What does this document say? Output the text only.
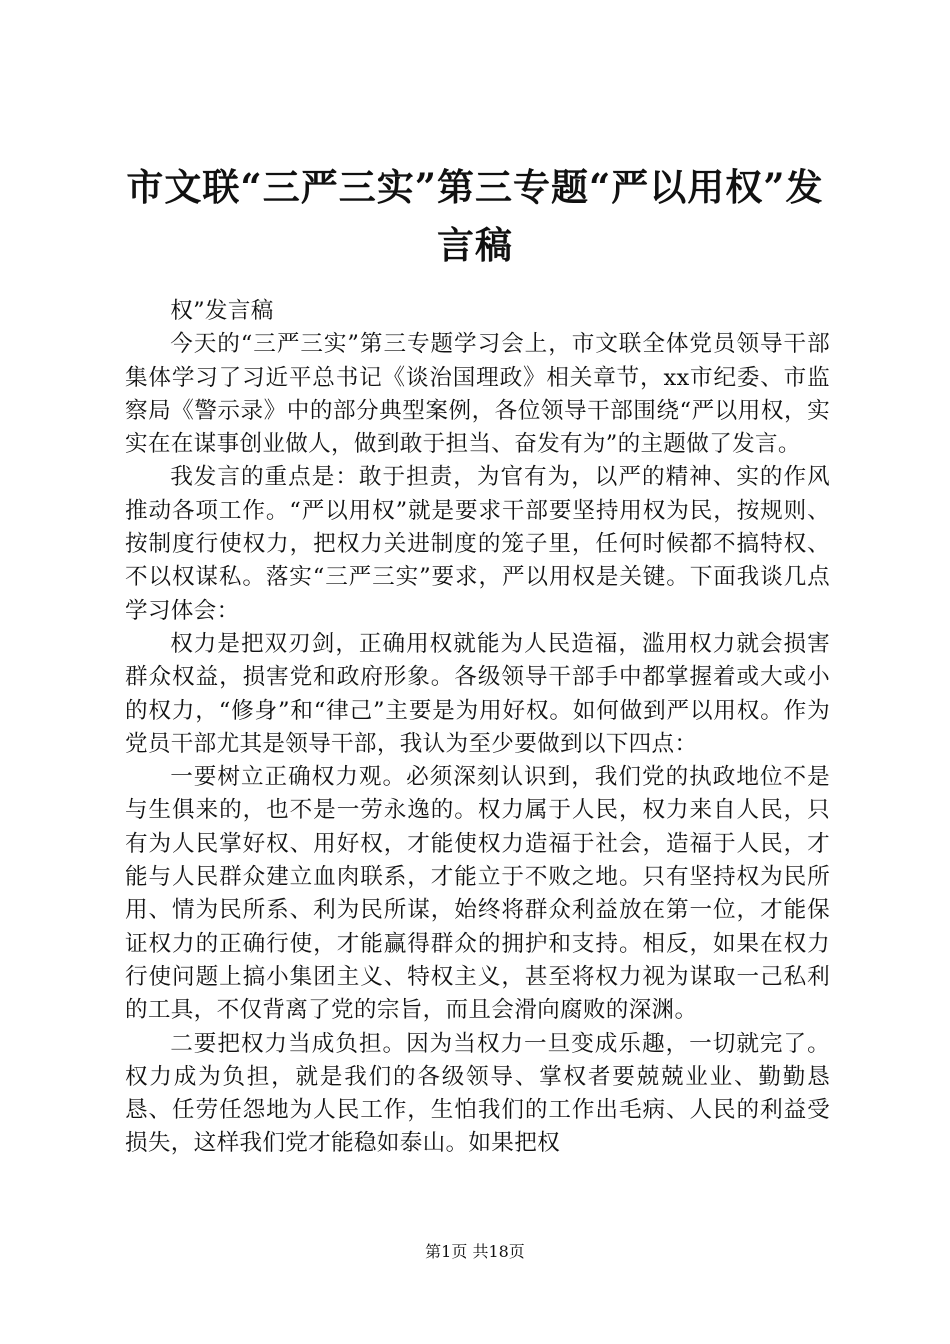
市文联“三严三实”第三专题“严以用权”发言稿

权”发言稿

今天的“三严三实”第三专题学习会上，市文联全体党员领导干部集体学习了习近平总书记《谈治国理政》相关章节，xx市纪委、市监察局《警示录》中的部分典型案例，各位领导干部围绕“严以用权，实实在在谋事创业做人，做到敢于担当、奋发有为”的主题做了发言。

我发言的重点是：敢于担责，为官有为，以严的精神、实的作风推动各项工作。“严以用权”就是要求干部要坚持用权为民，按规则、按制度行使权力，把权力关进制度的笼子里，任何时候都不搞特权、不以权谋私。落实“三严三实”要求，严以用权是关键。下面我谈几点学习体会：

权力是把双刃剑，正确用权就能为人民造福，滥用权力就会损害群众权益，损害党和政府形象。各级领导干部手中都掌握着或大或小的权力，“修身”和“律己”主要是为用好权。如何做到严以用权。作为党员干部尤其是领导干部，我认为至少要做到以下四点：

一要树立正确权力观。必须深刻认识到，我们党的执政地位不是与生俱来的，也不是一劳永逸的。权力属于人民，权力来自人民，只有为人民掌好权、用好权，才能使权力造福于社会，造福于人民，才能与人民群众建立血肉联系，才能立于不败之地。只有坚持权为民所用、情为民所系、利为民所谋，始终将群众利益放在第一位，才能保证权力的正确行使，才能赢得群众的拥护和支持。相反，如果在权力行使问题上搞小集团主义、特权主义，甚至将权力视为谋取一己私利的工具，不仅背离了党的宗旨，而且会滑向腐败的深渊。

二要把权力当成负担。因为当权力一旦变成乐趣，一切就完了。权力成为负担，就是我们的各级领导、掌权者要兢兢业业、勤勤恳恳、任劳任怨地为人民工作，生怕我们的工作出毛病、人民的利益受损失，这样我们党才能稳如泰山。如果把权

第1页 共18页
